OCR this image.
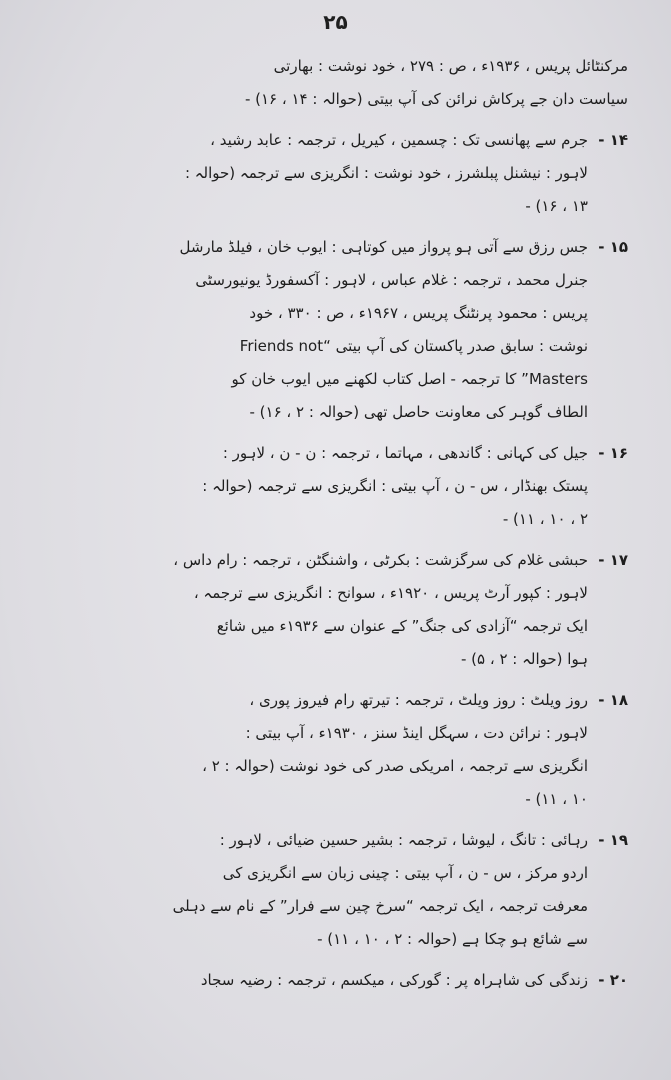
۲۵
مرکنٹائل پریس ، ۱۹۳۶ء ، ص : ۲۷۹ ، خود نوشت : بھارتی
سیاست دان جے پرکاش نرائن کی آپ بیتی (حوالہ : ۱۴ ، ۱۶) -
۱۴ -
جرم سے پھانسی تک : چسمین ، کیریل ، ترجمہ : عابد رشید ،
لاہور : نیشنل پبلشرز ، خود نوشت : انگریزی سے ترجمہ (حوالہ :
۱۳ ، ۱۶) -
۱۵ -
جس رزق سے آتی ہو پرواز میں کوتاہی : ایوب خان ، فیلڈ مارشل
جنرل محمد ، ترجمہ : غلام عباس ، لاہور : آکسفورڈ یونیورسٹی
پریس : محمود پرنٹنگ پریس ، ۱۹۶۷ء ، ص : ۳۳۰ ، خود
نوشت : سابق صدر پاکستان کی آپ بیتی “Friends not
Masters” کا ترجمہ - اصل کتاب لکھنے میں ایوب خان کو
الطاف گوہر کی معاونت حاصل تھی (حوالہ : ۲ ، ۱۶) -
۱۶ -
جیل کی کہانی : گاندھی ، مہاتما ، ترجمہ : ن - ن ، لاہور :
پستک بھنڈار ، س - ن ، آپ بیتی : انگریزی سے ترجمہ (حوالہ :
۲ ، ۱۰ ، ۱۱) -
۱۷ -
حبشی غلام کی سرگزشت : بکرٹی ، واشنگٹن ، ترجمہ : رام داس ،
لاہور : کپور آرٹ پریس ، ۱۹۲۰ء ، سوانح : انگریزی سے ترجمہ ،
ایک ترجمہ “آزادی کی جنگ” کے عنوان سے ۱۹۳۶ء میں شائع
ہوا (حوالہ : ۲ ، ۵) -
۱۸ -
روز ویلٹ : روز ویلٹ ، ترجمہ : تیرتھ رام فیروز پوری ،
لاہور : نرائن دت ، سہگل اینڈ سنز ، ۱۹۳۰ء ، آپ بیتی :
انگریزی سے ترجمہ ، امریکی صدر کی خود نوشت (حوالہ : ۲ ،
۱۰ ، ۱۱) -
۱۹ -
رہائی : تانگ ، لیوشا ، ترجمہ : بشیر حسین ضیائی ، لاہور :
اردو مرکز ، س - ن ، آپ بیتی : چینی زبان سے انگریزی کی
معرفت ترجمہ ، ایک ترجمہ “سرخ چین سے فرار” کے نام سے دہلی
سے شائع ہو چکا ہے (حوالہ : ۲ ، ۱۰ ، ۱۱) -
۲۰ -
زندگی کی شاہراہ پر : گورکی ، میکسم ، ترجمہ : رضیہ سجاد
